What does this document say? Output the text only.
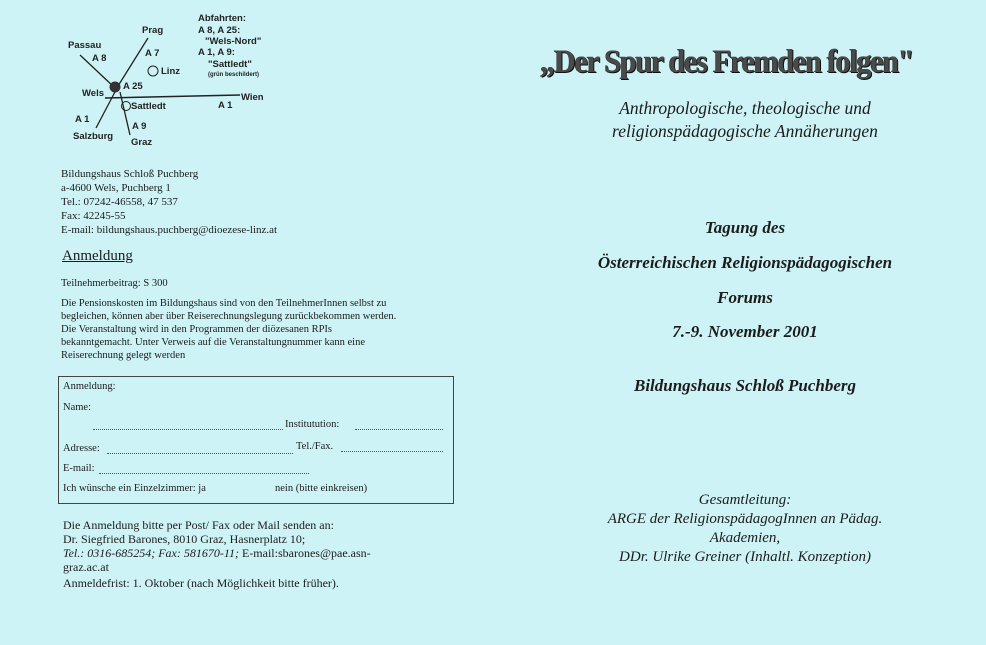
Passau
A 8
Prag
A 7
Linz
Wels
A 25
Sattledt
A 1
Salzburg
A 9
Graz
A 1
Wien
Abfahrten:
A 8, A 25:
"Wels-Nord"
A 1, A 9:
"Sattledt"
(grün beschildert)
Bildungshaus Schloß Puchberg
a-4600 Wels, Puchberg 1
Tel.: 07242-46558, 47 537
Fax: 42245-55
E-mail: bildungshaus.puchberg@dioezese-linz.at
Anmeldung
Teilnehmerbeitrag: S 300
Die Pensionskosten im Bildungshaus sind von den TeilnehmerInnen selbst zu
begleichen, können aber über Reiserechnungslegung zurückbekommen werden.
Die Veranstaltung wird in den Programmen der diözesanen RPIs
bekanntgemacht. Unter Verweis auf die Veranstaltungnummer kann eine
Reiserechnung gelegt werden
Anmeldung:
Name:
Institutution:
Adresse:	Tel./Fax.
E-mail:
Ich wünsche ein Einzelzimmer: ja	nein (bitte einkreisen)
Die Anmeldung bitte per Post/ Fax oder Mail senden an:
Dr. Siegfried Barones, 8010 Graz, Hasnerplatz 10;
Tel.: 0316-685254; Fax: 581670-11; E-mail:sbarones@pae.asn-
graz.ac.at
Anmeldefrist: 1. Oktober (nach Möglichkeit bitte früher).
„Der Spur des Fremden folgen"
Anthropologische, theologische und
religionspädagogische Annäherungen
Tagung des
Österreichischen Religionspädagogischen
Forums
7.-9. November 2001
Bildungshaus Schloß Puchberg
Gesamtleitung:
ARGE der ReligionspädagogInnen an Pädag.
Akademien,
DDr. Ulrike Greiner (Inhaltl. Konzeption)
